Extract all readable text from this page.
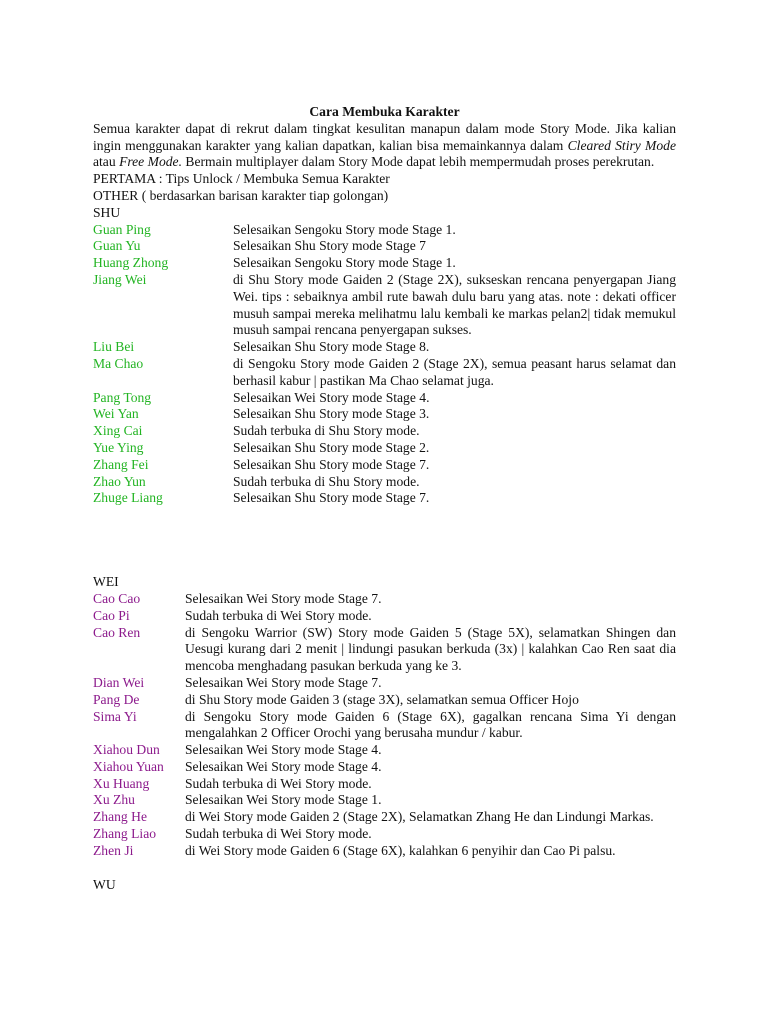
Cara Membuka Karakter
Semua karakter dapat di rekrut dalam tingkat kesulitan manapun dalam mode Story Mode. Jika kalian ingin menggunakan karakter yang kalian dapatkan, kalian bisa memainkannya dalam Cleared Stiry Mode atau Free Mode. Bermain multiplayer dalam Story Mode dapat lebih mempermudah proses perekrutan.
PERTAMA : Tips Unlock / Membuka Semua Karakter
OTHER ( berdasarkan barisan karakter tiap golongan)
SHU
Guan Ping	Selesaikan Sengoku Story mode Stage 1.
Guan Yu	Selesaikan Shu Story mode Stage 7
Huang Zhong	Selesaikan Sengoku Story mode Stage 1.
Jiang Wei	di Shu Story mode Gaiden 2 (Stage 2X), sukseskan rencana penyergapan Jiang Wei. tips : sebaiknya ambil rute bawah dulu baru yang atas. note : dekati officer musuh sampai mereka melihatmu lalu kembali ke markas pelan2| tidak memukul musuh sampai rencana penyergapan sukses.
Liu Bei	Selesaikan Shu Story mode Stage 8.
Ma Chao	di Sengoku Story mode Gaiden 2 (Stage 2X), semua peasant harus selamat dan berhasil kabur | pastikan Ma Chao selamat juga.
Pang Tong	Selesaikan Wei Story mode Stage 4.
Wei Yan	Selesaikan Shu Story mode Stage 3.
Xing Cai	Sudah terbuka di Shu Story mode.
Yue Ying	Selesaikan Shu Story mode Stage 2.
Zhang Fei	Selesaikan Shu Story mode Stage 7.
Zhao Yun	Sudah terbuka di Shu Story mode.
Zhuge Liang	Selesaikan Shu Story mode Stage 7.
WEI
Cao Cao	Selesaikan Wei Story mode Stage 7.
Cao Pi	Sudah terbuka di Wei Story mode.
Cao Ren	di Sengoku Warrior (SW) Story mode Gaiden 5 (Stage 5X), selamatkan Shingen dan Uesugi kurang dari 2 menit | lindungi pasukan berkuda (3x) | kalahkan Cao Ren saat dia mencoba menghadang pasukan berkuda yang ke 3.
Dian Wei	Selesaikan Wei Story mode Stage 7.
Pang De	di Shu Story mode Gaiden 3 (stage 3X), selamatkan semua Officer Hojo
Sima Yi	di Sengoku Story mode Gaiden 6 (Stage 6X), gagalkan rencana Sima Yi dengan mengalahkan 2 Officer Orochi yang berusaha mundur / kabur.
Xiahou Dun	Selesaikan Wei Story mode Stage 4.
Xiahou Yuan	Selesaikan Wei Story mode Stage 4.
Xu Huang	Sudah terbuka di Wei Story mode.
Xu Zhu	Selesaikan Wei Story mode Stage 1.
Zhang He	di Wei Story mode Gaiden 2 (Stage 2X), Selamatkan Zhang He dan Lindungi Markas.
Zhang Liao	Sudah terbuka di Wei Story mode.
Zhen Ji	di Wei Story mode Gaiden 6 (Stage 6X), kalahkan 6 penyihir dan Cao Pi palsu.
WU
